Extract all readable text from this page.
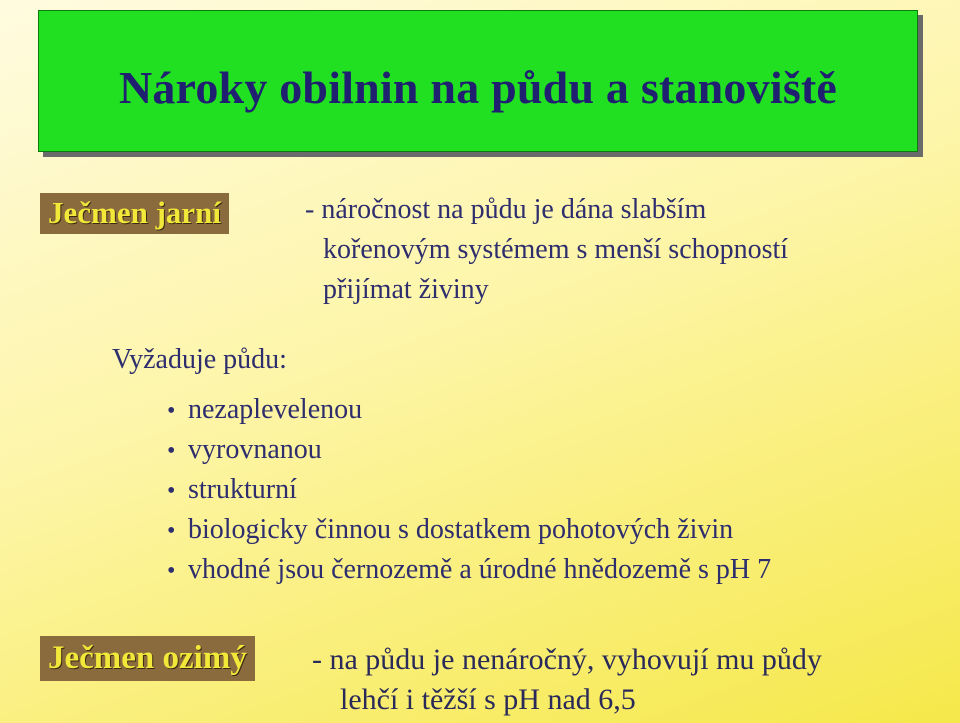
Nároky obilnin na půdu a stanoviště
Ječmen jarní	- náročnost na půdu je dána slabším
kořenovým systémem s menší schopností
přijímat živiny
Vyžaduje půdu:
• nezaplevelenou
• vyrovnanou
• strukturní
• biologicky činnou s dostatkem pohotových živin
• vhodné jsou černozemě a úrodné hnědozemě s pH 7
Ječmen ozimý - na půdu je nenáročný, vyhovují mu půdy
lehčí i těžší s pH nad 6,5
